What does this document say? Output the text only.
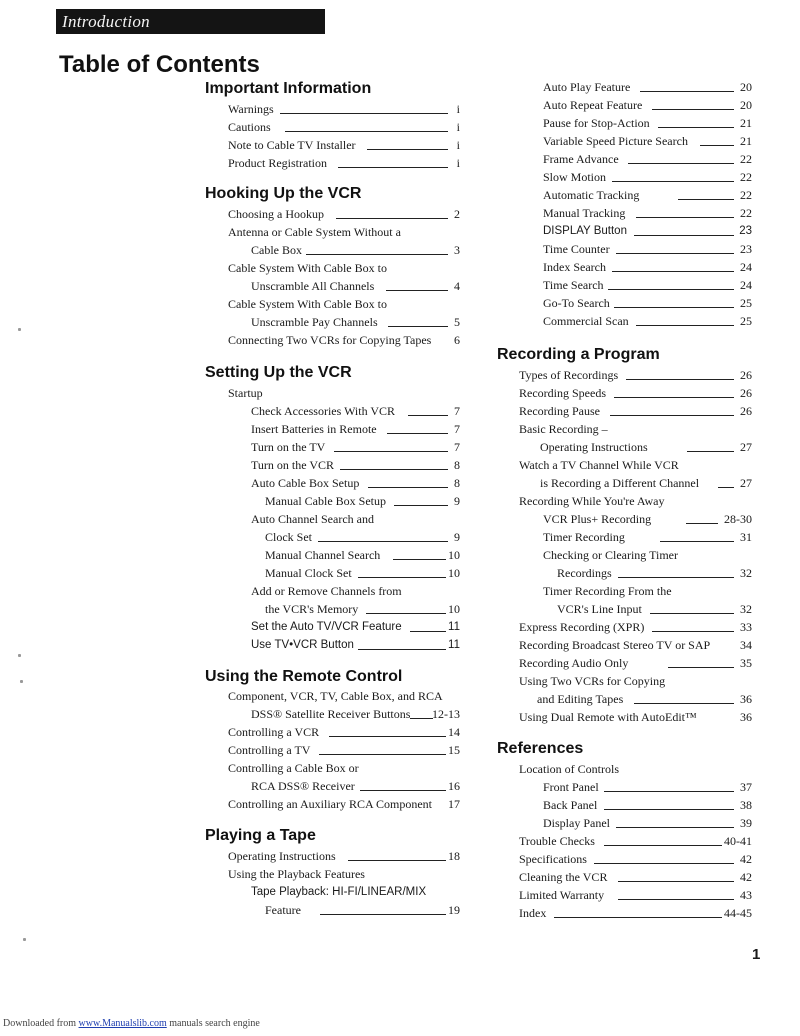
Introduction
Table of Contents
Important Information
Hooking Up the VCR
Setting Up the VCR
Using the Remote Control
Playing a Tape
Recording a Program
References
Warnings	i
Cautions	i
Note to Cable TV Installer	i
Product Registration	i
Choosing a Hookup	2
Antenna or Cable System Without a
Cable Box	3
Cable System With Cable Box to
Unscramble All Channels	4
Cable System With Cable Box to
Unscramble Pay Channels	5
Connecting Two VCRs for Copying Tapes 6
Startup
Check Accessories With VCR	7
Insert Batteries in Remote	7
Turn on the TV	7
Turn on the VCR	8
Auto Cable Box Setup	8
Manual Cable Box Setup	9
Auto Channel Search and
Clock Set	9
Manual Channel Search	10
Manual Clock Set	10
Add or Remove Channels from
the VCR's Memory	10
Set the Auto TV/VCR Feature	11
Use TV•VCR Button	11
Component, VCR, TV, Cable Box, and RCA
DSS® Satellite Receiver Buttons 12-13
Controlling a VCR	14
Controlling a TV	15
Controlling a Cable Box or
RCA DSS® Receiver	16
Controlling an Auxiliary RCA Component 17
Operating Instructions	18
Using the Playback Features
Tape Playback: HI-FI/LINEAR/MIX
Feature	19
Auto Play Feature	20
Auto Repeat Feature	20
Pause for Stop-Action	21
Variable Speed Picture Search	21
Frame Advance	22
Slow Motion	22
Automatic Tracking	22
Manual Tracking	22
DISPLAY Button	23
Time Counter	23
Index Search	24
Time Search	24
Go-To Search	25
Commercial Scan	25
Types of Recordings	26
Recording Speeds	26
Recording Pause	26
Basic Recording –
Operating Instructions	27
Watch a TV Channel While VCR
is Recording a Different Channel	27
Recording While You're Away
VCR Plus+ Recording	28-30
Timer Recording	31
Checking or Clearing Timer
Recordings	32
Timer Recording From the
VCR's Line Input	32
Express Recording (XPR)	33
Recording Broadcast Stereo TV or SAP 34
Recording Audio Only	35
Using Two VCRs for Copying
and Editing Tapes	36
Using Dual Remote with AutoEdit™	36
Location of Controls
Front Panel	37
Back Panel	38
Display Panel	39
Trouble Checks	40-41
Specifications	42
Cleaning the VCR	42
Limited Warranty	43
Index	44-45
1
Downloaded from www.Manualslib.com manuals search engine
